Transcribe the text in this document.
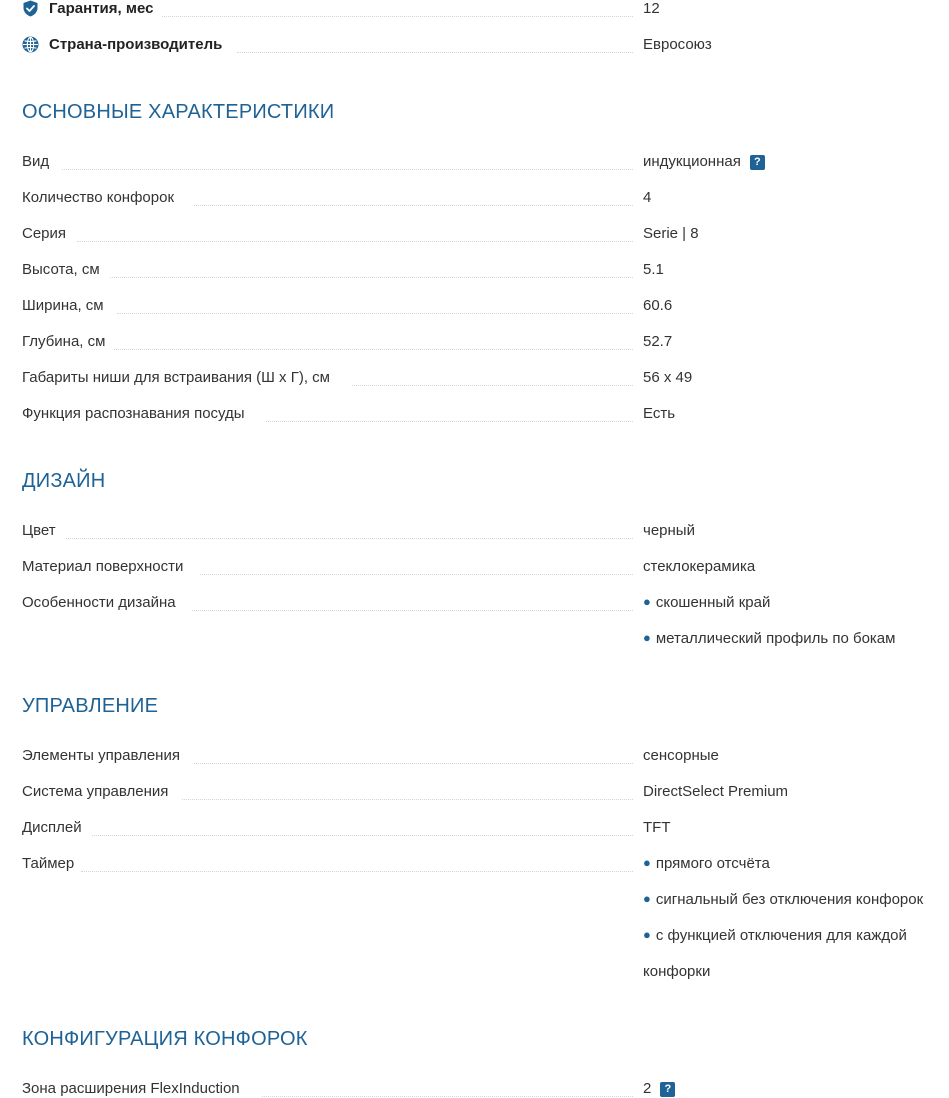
Гарантия, мес	12
Страна-производитель	Евросоюз
ОСНОВНЫЕ ХАРАКТЕРИСТИКИ
Вид	индукционная ?
Количество конфорок	4
Серия	Serie | 8
Высота, см	5.1
Ширина, см	60.6
Глубина, см	52.7
Габариты ниши для встраивания (Ш х Г), см	56 х 49
Функция распознавания посуды	Есть
ДИЗАЙН
Цвет	черный
Материал поверхности	стеклокерамика
Особенности дизайна	● скошенный край
● металлический профиль по бокам
УПРАВЛЕНИЕ
Элементы управления	сенсорные
Система управления	DirectSelect Premium
Дисплей	TFT
Таймер	● прямого отсчёта
● сигнальный без отключения конфорок
● с функцией отключения для каждой
конфорки
КОНФИГУРАЦИЯ КОНФОРОК
Зона расширения FlexInduction	2 ?
